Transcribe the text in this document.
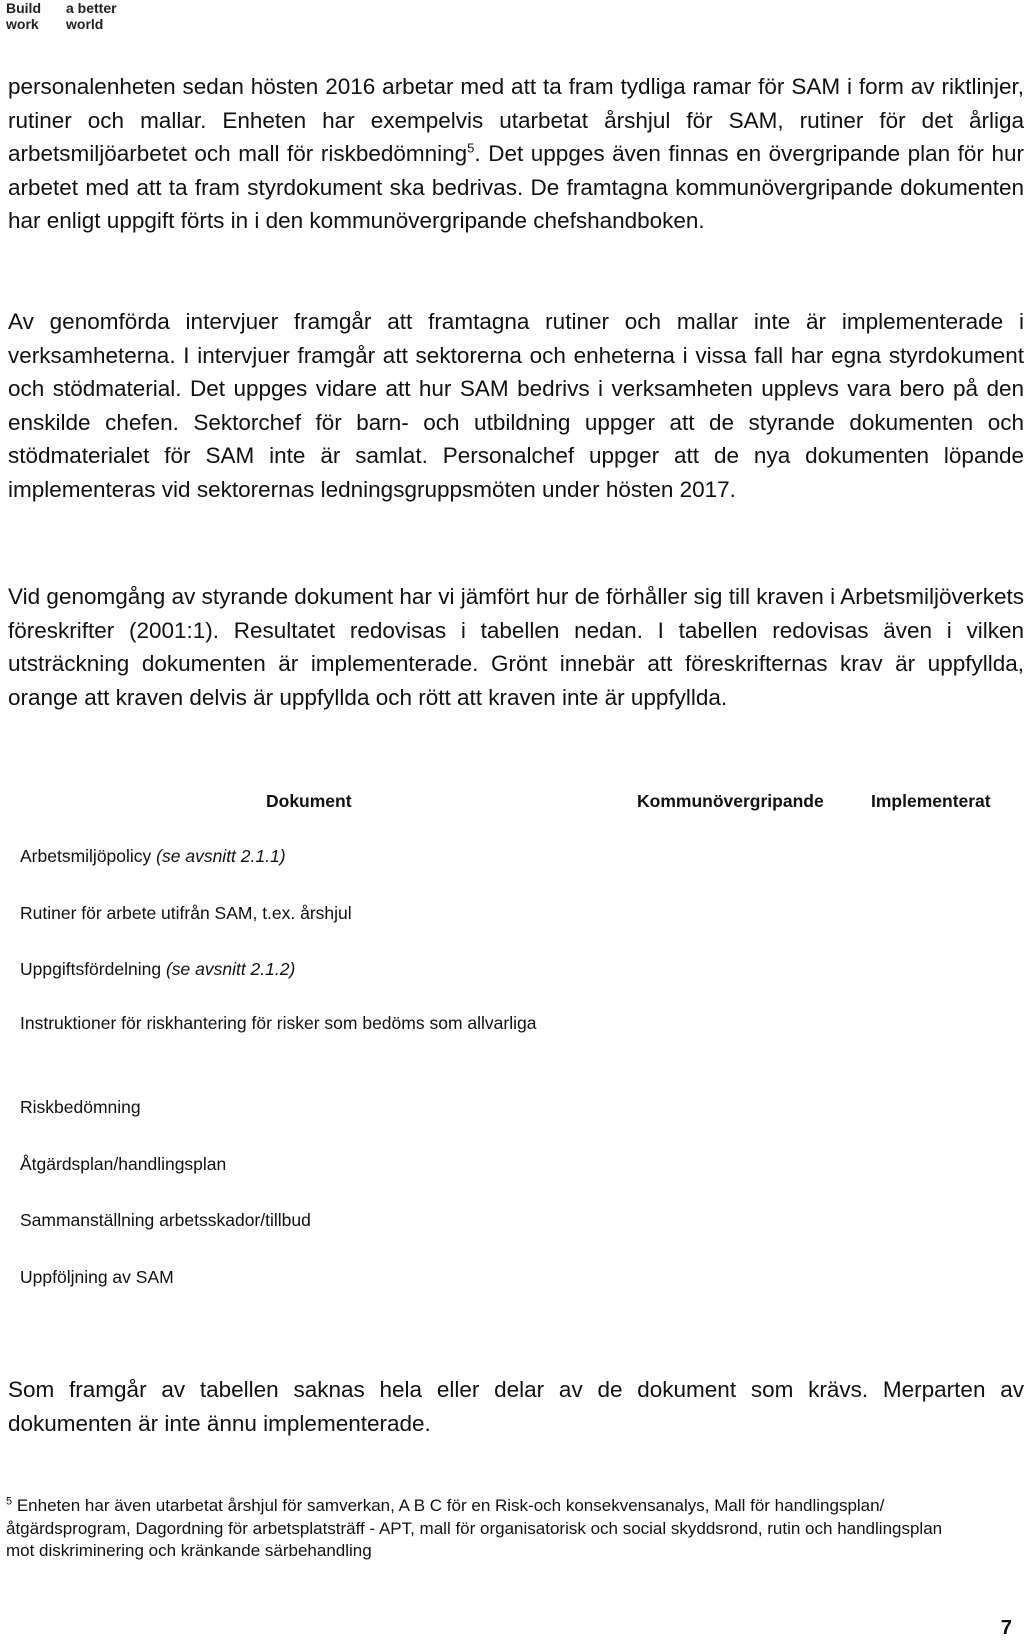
Build	a better
work	world

personalenheten sedan hösten 2016 arbetar med att ta fram tydliga ramar för SAM i form av riktlinjer, rutiner och mallar. Enheten har exempelvis utarbetat årshjul för SAM, rutiner för det årliga arbetsmiljöarbetet och mall för riskbedömning$^5$. Det uppges även finnas en övergripande plan för hur arbetet med att ta fram styrdokument ska bedrivas. De framtagna kommunövergripande dokumenten har enligt uppgift förts in i den kommunövergripande chefshandboken.

Av genomförda intervjuer framgår att framtagna rutiner och mallar inte är implementerade i verksamheterna. I intervjuer framgår att sektorerna och enheterna i vissa fall har egna styrdokument och stödmaterial. Det uppges vidare att hur SAM bedrivs i verksamheten upplevs vara bero på den enskilde chefen. Sektorchef för barn- och utbildning uppger att de styrande dokumenten och stödmaterialet för SAM inte är samlat. Personalchef uppger att de nya dokumenten löpande implementeras vid sektorernas ledningsgruppsmöten under hösten 2017.

Vid genomgång av styrande dokument har vi jämfört hur de förhåller sig till kraven i Arbetsmiljöverkets föreskrifter (2001:1). Resultatet redovisas i tabellen nedan. I tabellen redovisas även i vilken utsträckning dokumenten är implementerade. Grönt innebär att föreskrifternas krav är uppfyllda, orange att kraven delvis är uppfyllda och rött att kraven inte är uppfyllda.

Dokument	Kommunövergripande	Implementerat

Arbetsmiljöpolicy (se avsnitt 2.1.1)

Rutiner för arbete utifrån SAM, t.ex. årshjul

Uppgiftsfördelning (se avsnitt 2.1.2)

Instruktioner för riskhantering för risker som bedöms som allvarliga

Riskbedömning

Åtgärdsplan/handlingsplan

Sammanställning arbetsskador/tillbud

Uppföljning av SAM

Som framgår av tabellen saknas hela eller delar av de dokument som krävs. Merparten av dokumenten är inte ännu implementerade.

$^5$ Enheten har även utarbetat årshjul för samverkan, A B C för en Risk-och konsekvensanalys, Mall för handlingsplan/åtgärdsprogram, Dagordning för arbetsplatsträff - APT, mall för organisatorisk och social skyddsrond, rutin och handlingsplan mot diskriminering och kränkande särbehandling

7
